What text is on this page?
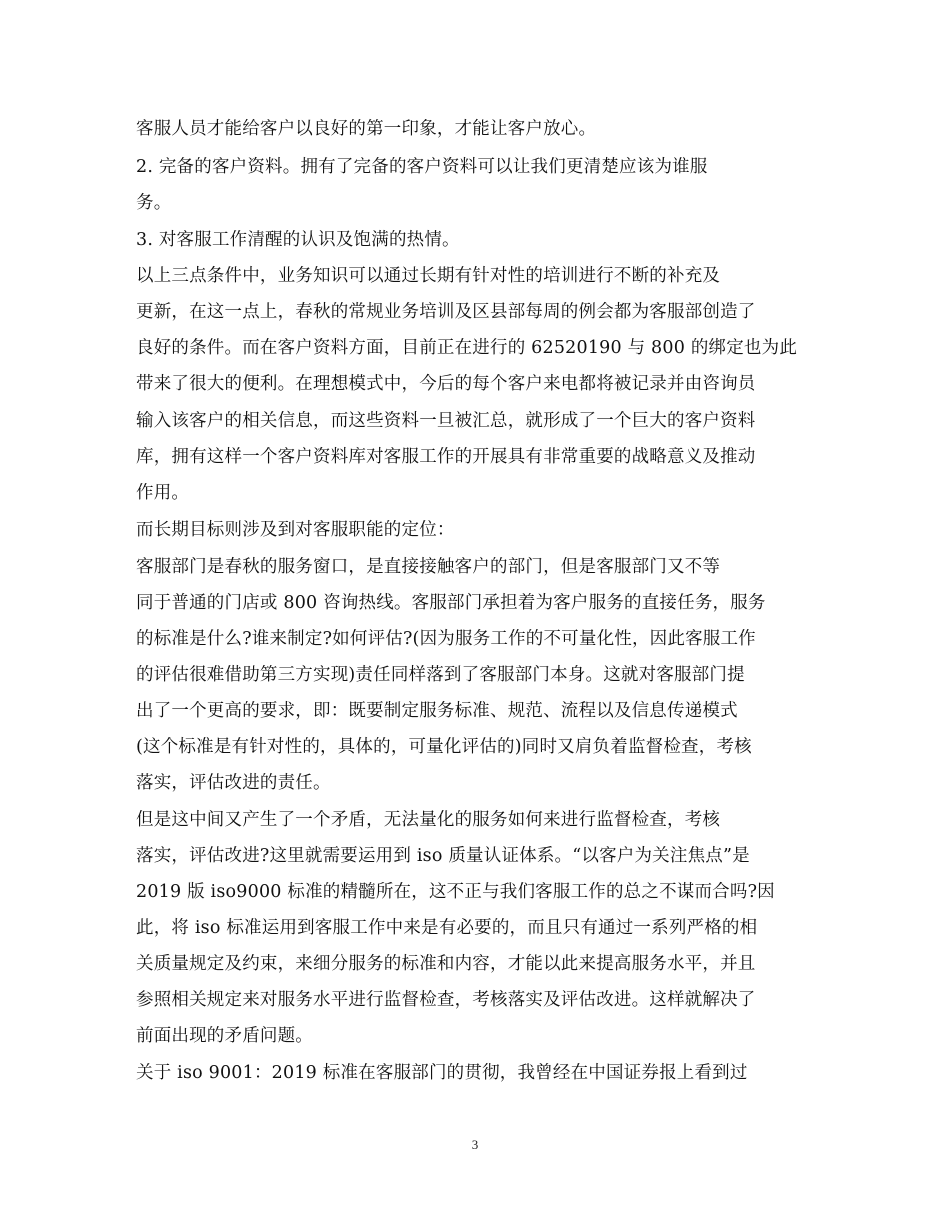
客服人员才能给客户以良好的第一印象，才能让客户放心。
2. 完备的客户资料。拥有了完备的客户资料可以让我们更清楚应该为谁服
务。
3. 对客服工作清醒的认识及饱满的热情。
以上三点条件中，业务知识可以通过长期有针对性的培训进行不断的补充及
更新，在这一点上，春秋的常规业务培训及区县部每周的例会都为客服部创造了
良好的条件。而在客户资料方面，目前正在进行的 62520190 与 800 的绑定也为此
带来了很大的便利。在理想模式中，今后的每个客户来电都将被记录并由咨询员
输入该客户的相关信息，而这些资料一旦被汇总，就形成了一个巨大的客户资料
库，拥有这样一个客户资料库对客服工作的开展具有非常重要的战略意义及推动
作用。
而长期目标则涉及到对客服职能的定位：
客服部门是春秋的服务窗口，是直接接触客户的部门，但是客服部门又不等
同于普通的门店或 800 咨询热线。客服部门承担着为客户服务的直接任务，服务
的标准是什么?谁来制定?如何评估?(因为服务工作的不可量化性，因此客服工作
的评估很难借助第三方实现)责任同样落到了客服部门本身。这就对客服部门提
出了一个更高的要求，即：既要制定服务标准、规范、流程以及信息传递模式
(这个标准是有针对性的，具体的，可量化评估的)同时又肩负着监督检查，考核
落实，评估改进的责任。
但是这中间又产生了一个矛盾，无法量化的服务如何来进行监督检查，考核
落实，评估改进?这里就需要运用到 iso 质量认证体系。“以客户为关注焦点”是
2019 版 iso9000 标准的精髓所在，这不正与我们客服工作的总之不谋而合吗?因
此，将 iso 标准运用到客服工作中来是有必要的，而且只有通过一系列严格的相
关质量规定及约束，来细分服务的标准和内容，才能以此来提高服务水平，并且
参照相关规定来对服务水平进行监督检查，考核落实及评估改进。这样就解决了
前面出现的矛盾问题。
关于 iso 9001：2019 标准在客服部门的贯彻，我曾经在中国证券报上看到过
3
